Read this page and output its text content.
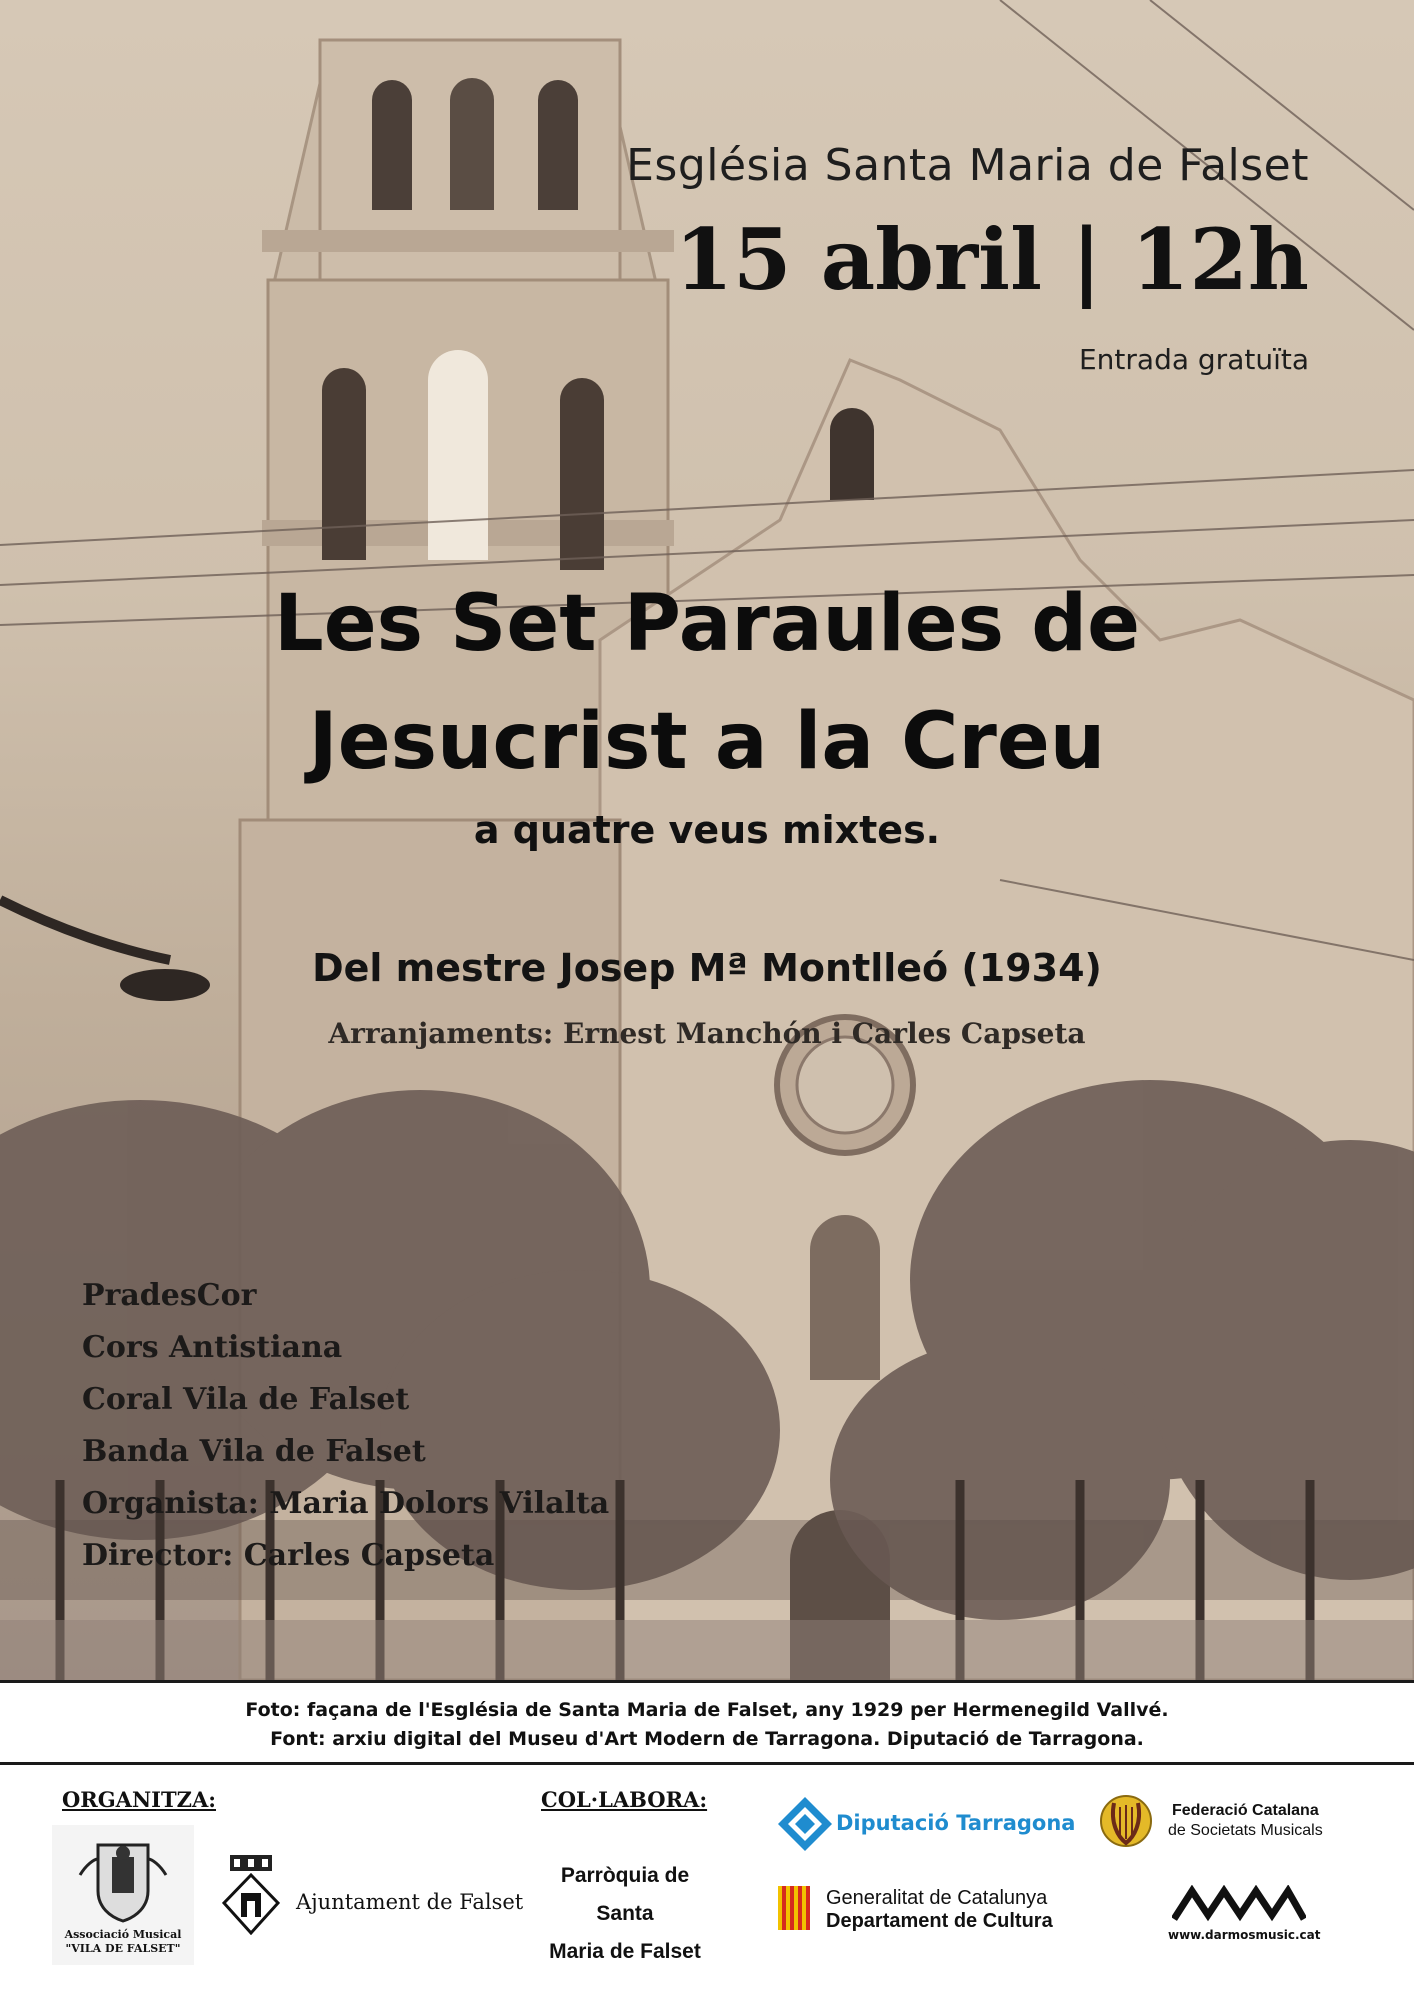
Església Santa Maria de Falset
15 abril | 12h
Entrada gratuïta
Les Set Paraules de
Jesucrist a la Creu
a quatre veus mixtes.
Del mestre Josep Mª Montlleó (1934)
Arranjaments: Ernest Manchón i Carles Capseta
PradesCor
Cors Antistiana
Coral Vila de Falset
Banda Vila de Falset
Organista: Maria Dolors Vilalta
Director: Carles Capseta
Foto: façana de l'Església de Santa Maria de Falset, any 1929 per Hermenegild Vallvé.
Font: arxiu digital del Museu d'Art Modern de Tarragona. Diputació de Tarragona.
ORGANITZA:	COL·LABORA:
Associació Musical
"VILA DE FALSET"
Ajuntament de Falset
Parròquia de Santa
Maria de Falset
Diputació Tarragona
Generalitat de Catalunya
Departament de Cultura
Federació Catalana
de Societats Musicals
www.darmosmusic.cat
